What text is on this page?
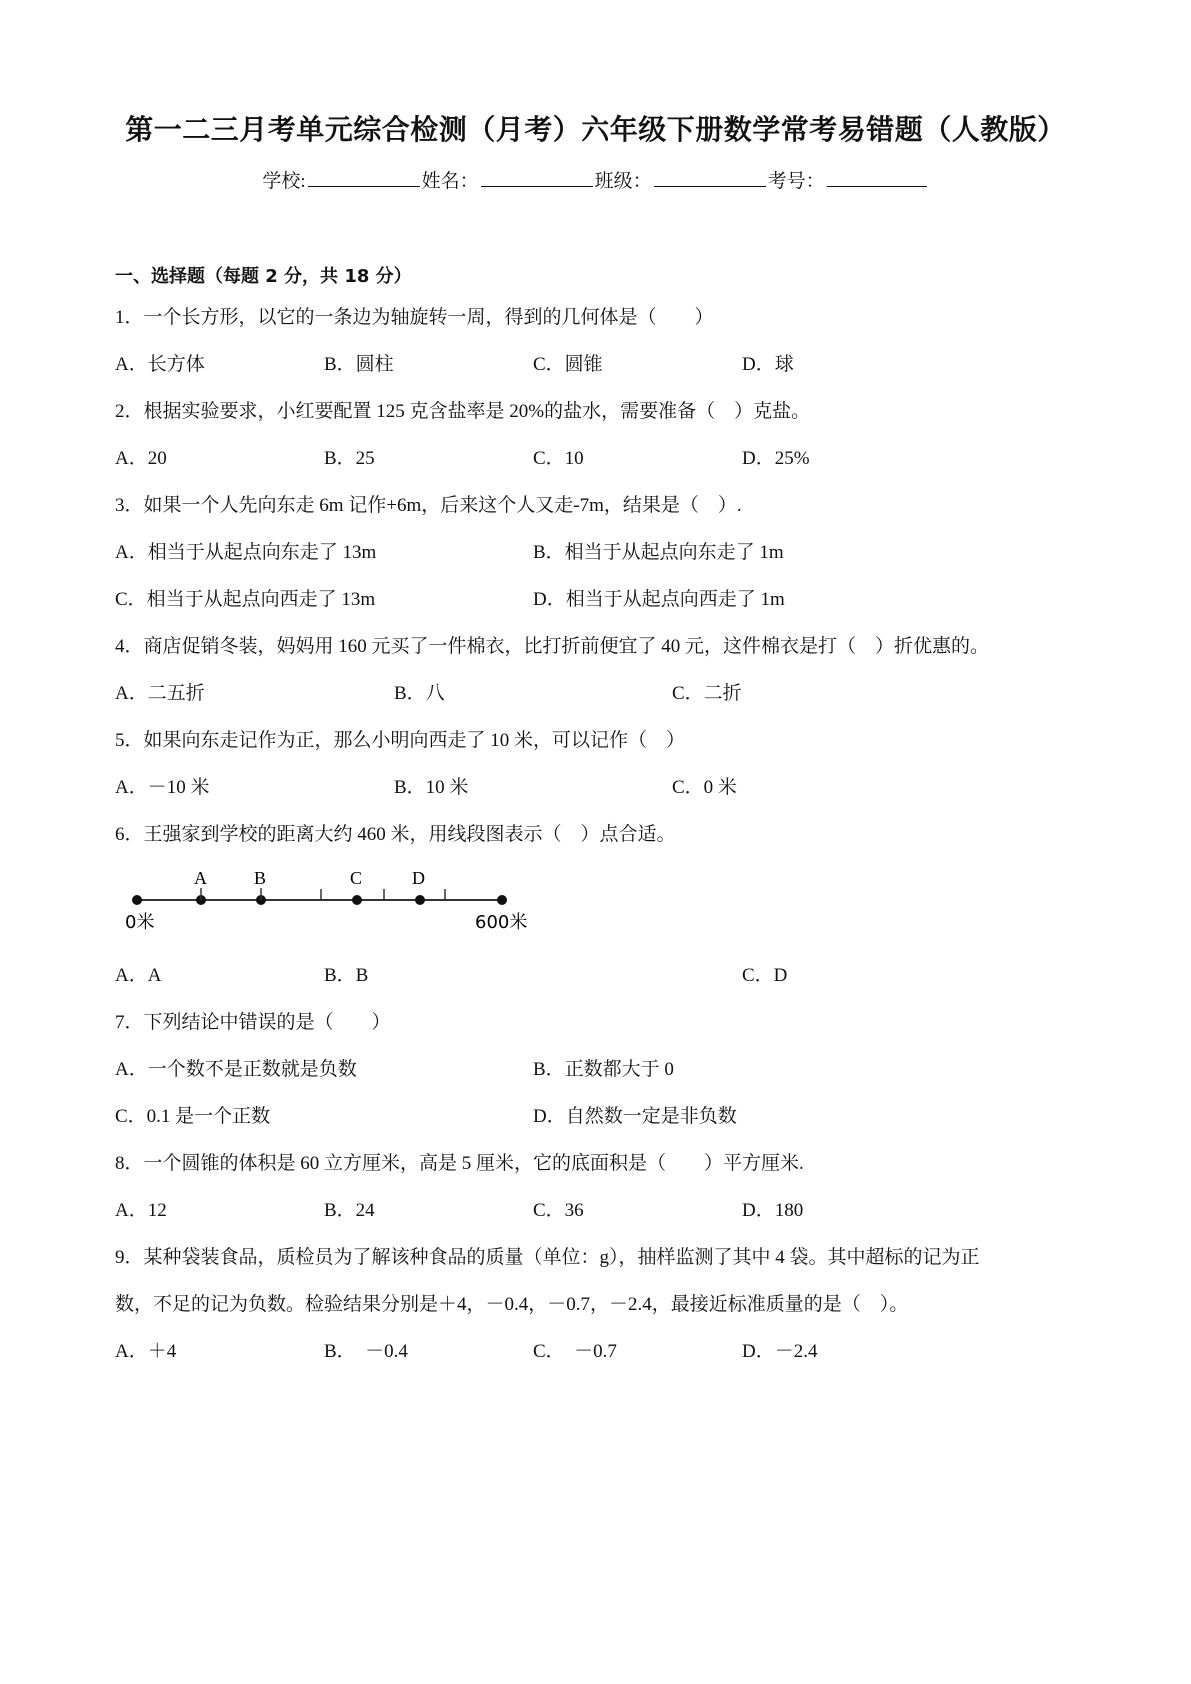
第一二三月考单元综合检测（月考）六年级下册数学常考易错题（人教版）
学校:	姓名：	班级：	考号：
一、选择题（每题 2 分，共 18 分）
1．一个长方形，以它的一条边为轴旋转一周，得到的几何体是（　　）
A．长方体	B．圆柱	C．圆锥	D．球
2．根据实验要求，小红要配置 125 克含盐率是 20%的盐水，需要准备（　）克盐。
A．20	B．25	C．10	D．25%
3．如果一个人先向东走 6m 记作+6m，后来这个人又走-7m，结果是（　）.
A．相当于从起点向东走了 13m	B．相当于从起点向东走了 1m
C．相当于从起点向西走了 13m	D．相当于从起点向西走了 1m
4．商店促销冬装，妈妈用 160 元买了一件棉衣，比打折前便宜了 40 元，这件棉衣是打（　）折优惠的。
A．二五折	B．八	C．二折
5．如果向东走记作为正，那么小明向西走了 10 米，可以记作（　）
A．－10 米	B．10 米	C．0 米
6．王强家到学校的距离大约 460 米，用线段图表示（　）点合适。
A	B	C	D
0米	600米
A．A	B．B	C．D
7．下列结论中错误的是（　　）
A．一个数不是正数就是负数	B．正数都大于 0
C．0.1 是一个正数	D．自然数一定是非负数
8．一个圆锥的体积是 60 立方厘米，高是 5 厘米，它的底面积是（　　）平方厘米.
A．12	B．24	C．36	D．180
9．某种袋装食品，质检员为了解该种食品的质量（单位：g），抽样监测了其中 4 袋。其中超标的记为正
数，不足的记为负数。检验结果分别是＋4，－0.4，－0.7，－2.4，最接近标准质量的是（　）。
A．＋4	B．　－0.4	C．　－0.7	D．－2.4
